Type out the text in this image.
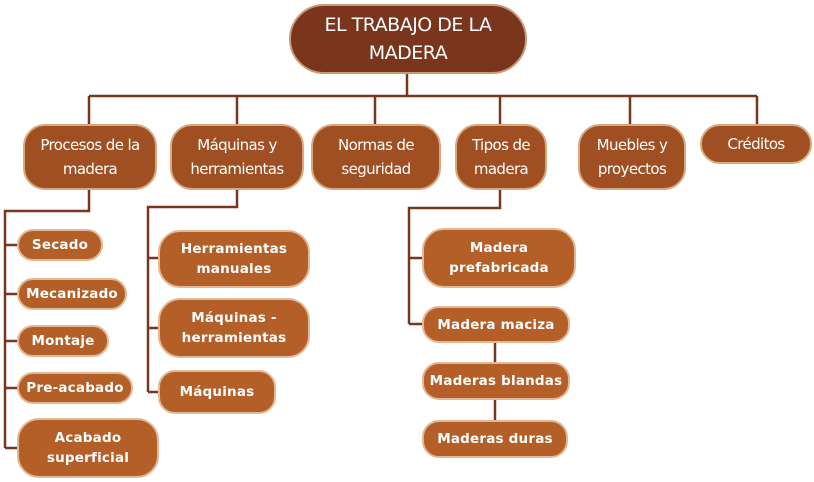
EL TRABAJO DE LA
MADERA
Procesos de la
madera
Máquinas y
herramientas
Normas de
seguridad
Tipos de
madera
Muebles y
proyectos
Créditos
Secado
Mecanizado
Montaje
Pre-acabado
Acabado
superficial
Herramientas
manuales
Máquinas -
herramientas
Máquinas
Madera
prefabricada
Madera maciza
Maderas blandas
Maderas duras
